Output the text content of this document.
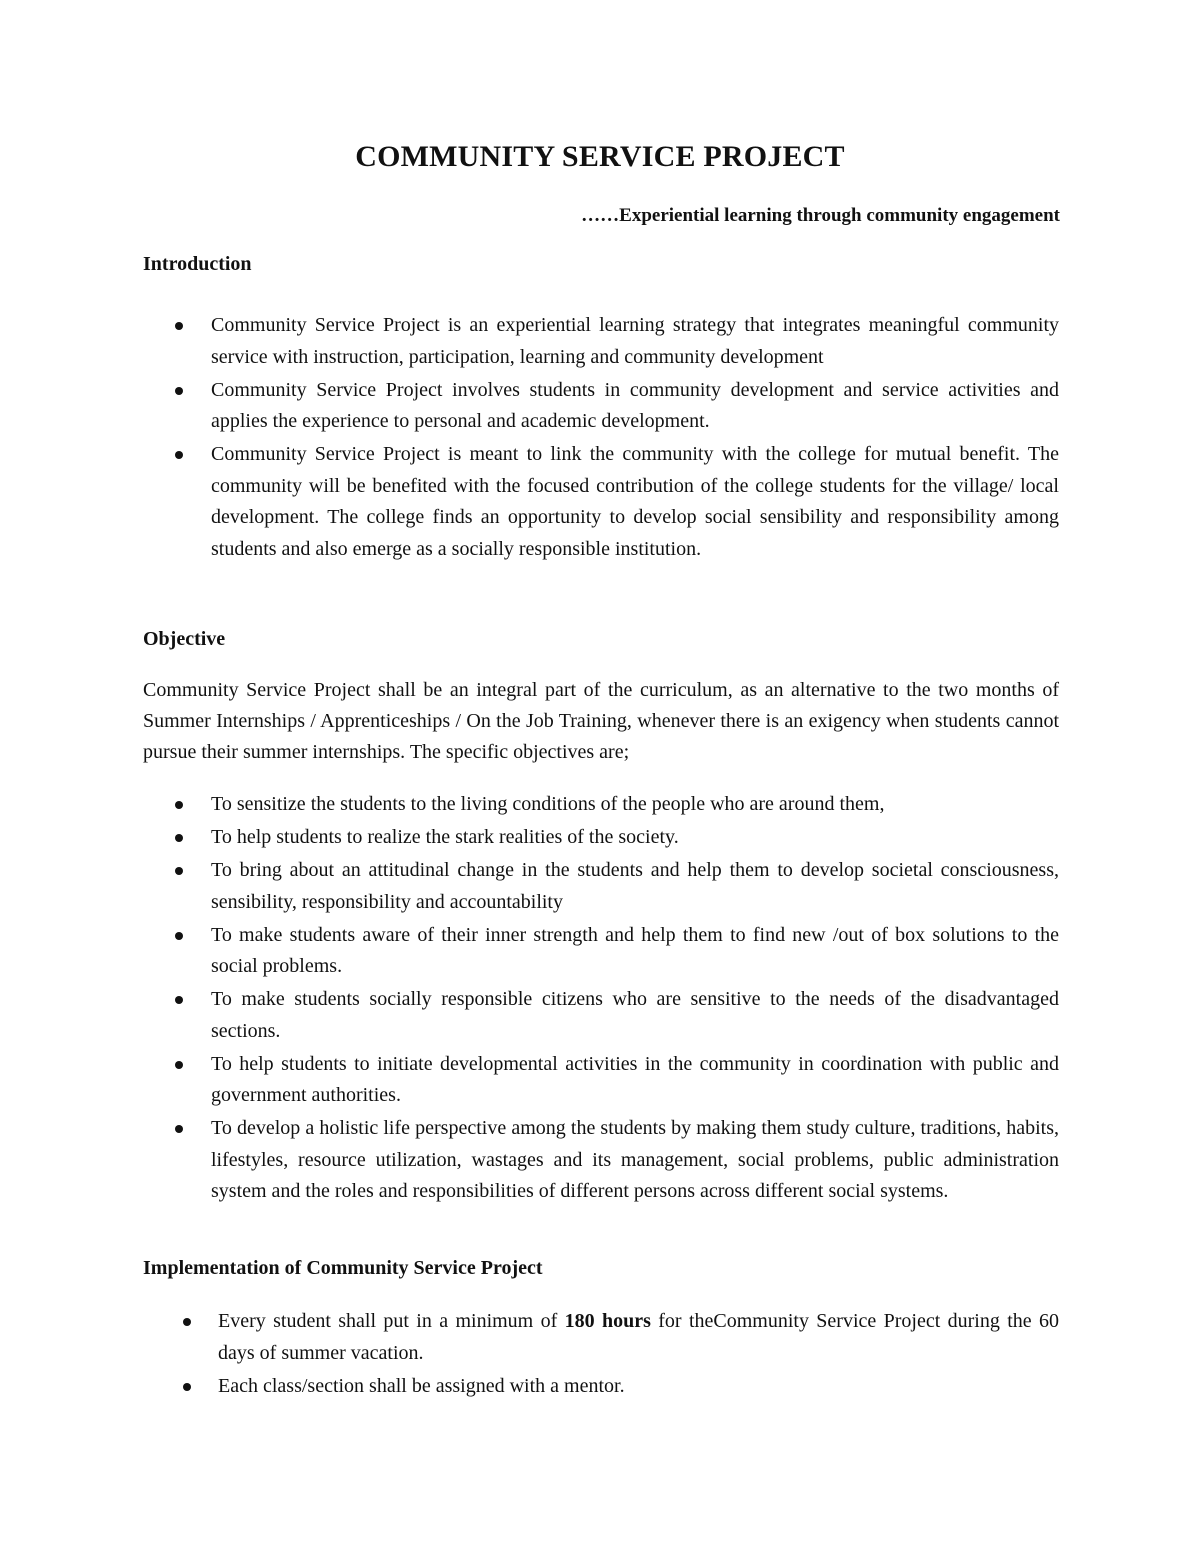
COMMUNITY SERVICE PROJECT
……Experiential learning through community engagement
Introduction
Community Service Project is an experiential learning strategy that integrates meaningful community service with instruction, participation, learning and community development
Community Service Project involves students in community development and service activities and applies the experience to personal and academic development.
Community Service Project is meant to link the community with the college for mutual benefit. The community will be benefited with the focused contribution of the college students for the village/ local development. The college finds an opportunity to develop social sensibility and responsibility among students and also emerge as a socially responsible institution.
Objective
Community Service Project shall be an integral part of the curriculum, as an alternative to the two months of Summer Internships / Apprenticeships / On the Job Training, whenever there is an exigency when students cannot pursue their summer internships. The specific objectives are;
To sensitize the students to the living conditions of the people who are around them,
To help students to realize the stark realities of the society.
To bring about an attitudinal change in the students and help them to develop societal consciousness, sensibility, responsibility and accountability
To make students aware of their inner strength and help them to find new /out of box solutions to the social problems.
To make students socially responsible citizens who are sensitive to the needs of the disadvantaged sections.
To help students to initiate developmental activities in the community in coordination with public and government authorities.
To develop a holistic life perspective among the students by making them study culture, traditions, habits, lifestyles, resource utilization, wastages and its management, social problems, public administration system and the roles and responsibilities of different persons across different social systems.
Implementation of Community Service Project
Every student shall put in a minimum of 180 hours for theCommunity Service Project during the 60 days of summer vacation.
Each class/section shall be assigned with a mentor.
